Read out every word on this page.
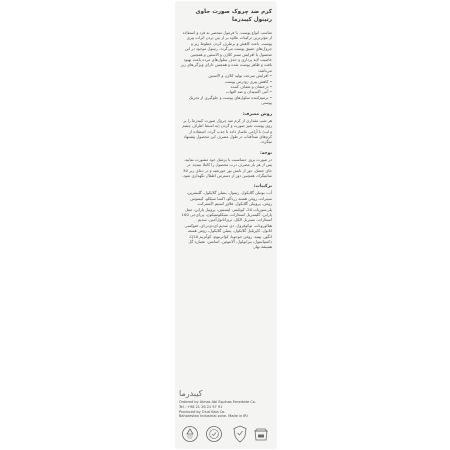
کرم ضد چروک صورت حاوی رتینول کیبدرما
مناسب انواع پوست. با فرمول منحصر به فرد و استفاده از مؤثرترین ترکیبات علاوه بر از بین بردن اثرات پیری پوست، باعث کاهش و برطرف کردن خطوط ریز و چروک‌های عمیق پوست می‌گردد. رتینول موجود در این محصول با افزایش سنتز کلاژن و الاستین و همچنین خاصیت لایه برداری و حذف سلول‌های مرده باعث بهبود بافت و ظاهر پوست شده و همچنین دارای ویژگی‌های زیر می‌باشد:
• افزایش سرعت تولید کلاژن و الاستین
• کاهش پیری زودرس پوست
• درخشان و شفاف کننده
• آنتی اکسیدان و ضد التهاب
• ترمیم‌کننده سلول‌های پوست و جلوگیری از تحریک پوستی
روش مصرف:
هر شب مقداری از کرم ضد چروک صورت کیبدرما را بر روی پوست تمیز صورت و گردن (به استثنا اطراف چشم و لب) با آرامی ماساژ داده تا جذب گردد. استفاده از کرم‌های ضدآفتاب در طول مصرف این محصول پیشنهاد میگردد.
توجه:
در صورت بروز حساسیت با پزشک خود مشورت نمایید. پس از هر بار مصرف درب محصول را کاملا ببندید. در جای خشک، دور از تابش نور خورشید و در دمای زیر 30 سانتیگراد، همچنین دور از دسترس اطفال نگهداری شود.
ترکیبات:
آب، بوتیلن گلایکول، رتینول، پنتیلن گلایکول، گلیسرین، سیترات، روغن هسته زردآلو، اکسا سیکلو، کیسوس روغن، پروپیلن گلایکول، فلاور استیم اکسترکت، پلی‌سوربات 20، کوپلیمر، لیسیتین، پروپیل پارابن، متیل پارابن، گلیسریل استئارات، سیکلومتیکون، پی‌ای‌جی 100 استئارات، سیتریل الکل، تری‌اتانول‌آمین، سدیم هیالورونات، توکوفرول، دی سدیم ای‌دی‌تی‌ای، فنوکسی اتانول، کاپریلیل گلایکول، پنتیلن گلایکول، روغن هسته انگور، پپتید، روغن جوجوبا، کواترنیوم، کوآنزیم Q10، دکسپانتنول، بیزابولول، آلانتوئین، اسانس، عصاره گل همیشه بهار.
کیبدرما
Ordered by Almas Abi Espinas Emertate Co.
Tel : +98 21 26 21 97 91
Produced by Olud Kala Co.
Baharestan Industrial zone. Made in IRI
